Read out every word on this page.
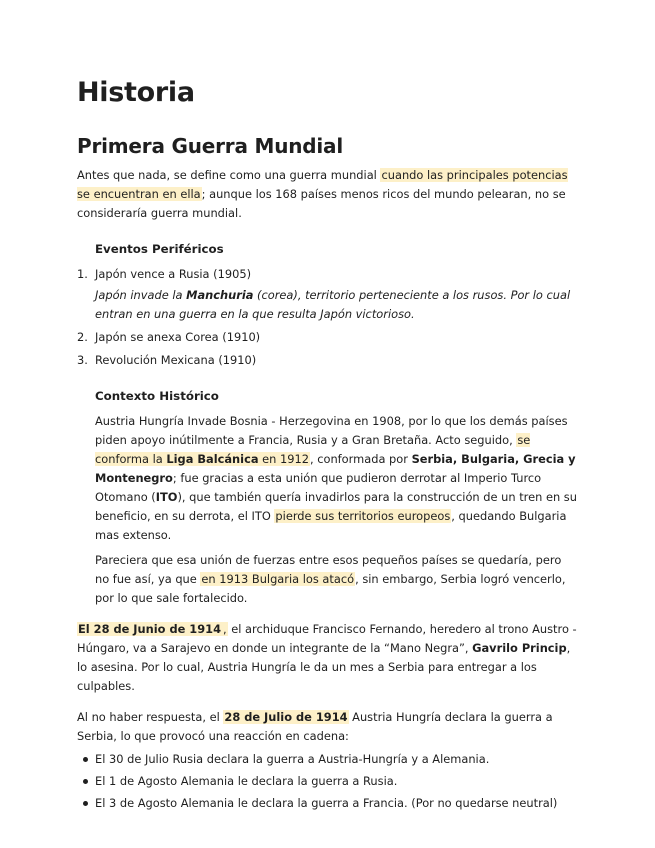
Historia
Primera Guerra Mundial

Antes que nada, se define como una guerra mundial cuando las principales potencias se encuentran en ella; aunque los 168 países menos ricos del mundo pelearan, no se consideraría guerra mundial.

Eventos Periféricos
1. Japón vence a Rusia (1905)

Japón invade la Manchuria (corea), territorio perteneciente a los rusos. Por lo cual entran en una guerra en la que resulta Japón victorioso.

2. Japón se anexa Corea (1910)
3. Revolución Mexicana (1910)
Contexto Histórico

Austria Hungría Invade Bosnia - Herzegovina en 1908, por lo que los demás países piden apoyo inútilmente a Francia, Rusia y a Gran Bretaña. Acto seguido, se conforma la Liga Balcánica en 1912, conformada por Serbia, Bulgaria, Grecia y Montenegro; fue gracias a esta unión que pudieron derrotar al Imperio Turco Otomano (ITO), que también quería invadirlos para la construcción de un tren en su beneficio, en su derrota, el ITO pierde sus territorios europeos, quedando Bulgaria mas extenso.

Pareciera que esa unión de fuerzas entre esos pequeños países se quedaría, pero no fue así, ya que en 1913 Bulgaria los atacó, sin embargo, Serbia logró vencerlo, por lo que sale fortalecido.

El 28 de Junio de 1914 , el archiduque Francisco Fernando, heredero al trono Austro - Húngaro, va a Sarajevo en donde un integrante de la “Mano Negra”, Gavrilo Princip, lo asesina. Por lo cual, Austria Hungría le da un mes a Serbia para entregar a los culpables.

Al no haber respuesta, el 28 de Julio de 1914 Austria Hungría declara la guerra a Serbia, lo que provocó una reacción en cadena:

El 30 de Julio Rusia declara la guerra a Austria-Hungría y a Alemania.
El 1 de Agosto Alemania le declara la guerra a Rusia.
El 3 de Agosto Alemania le declara la guerra a Francia. (Por no quedarse neutral)
